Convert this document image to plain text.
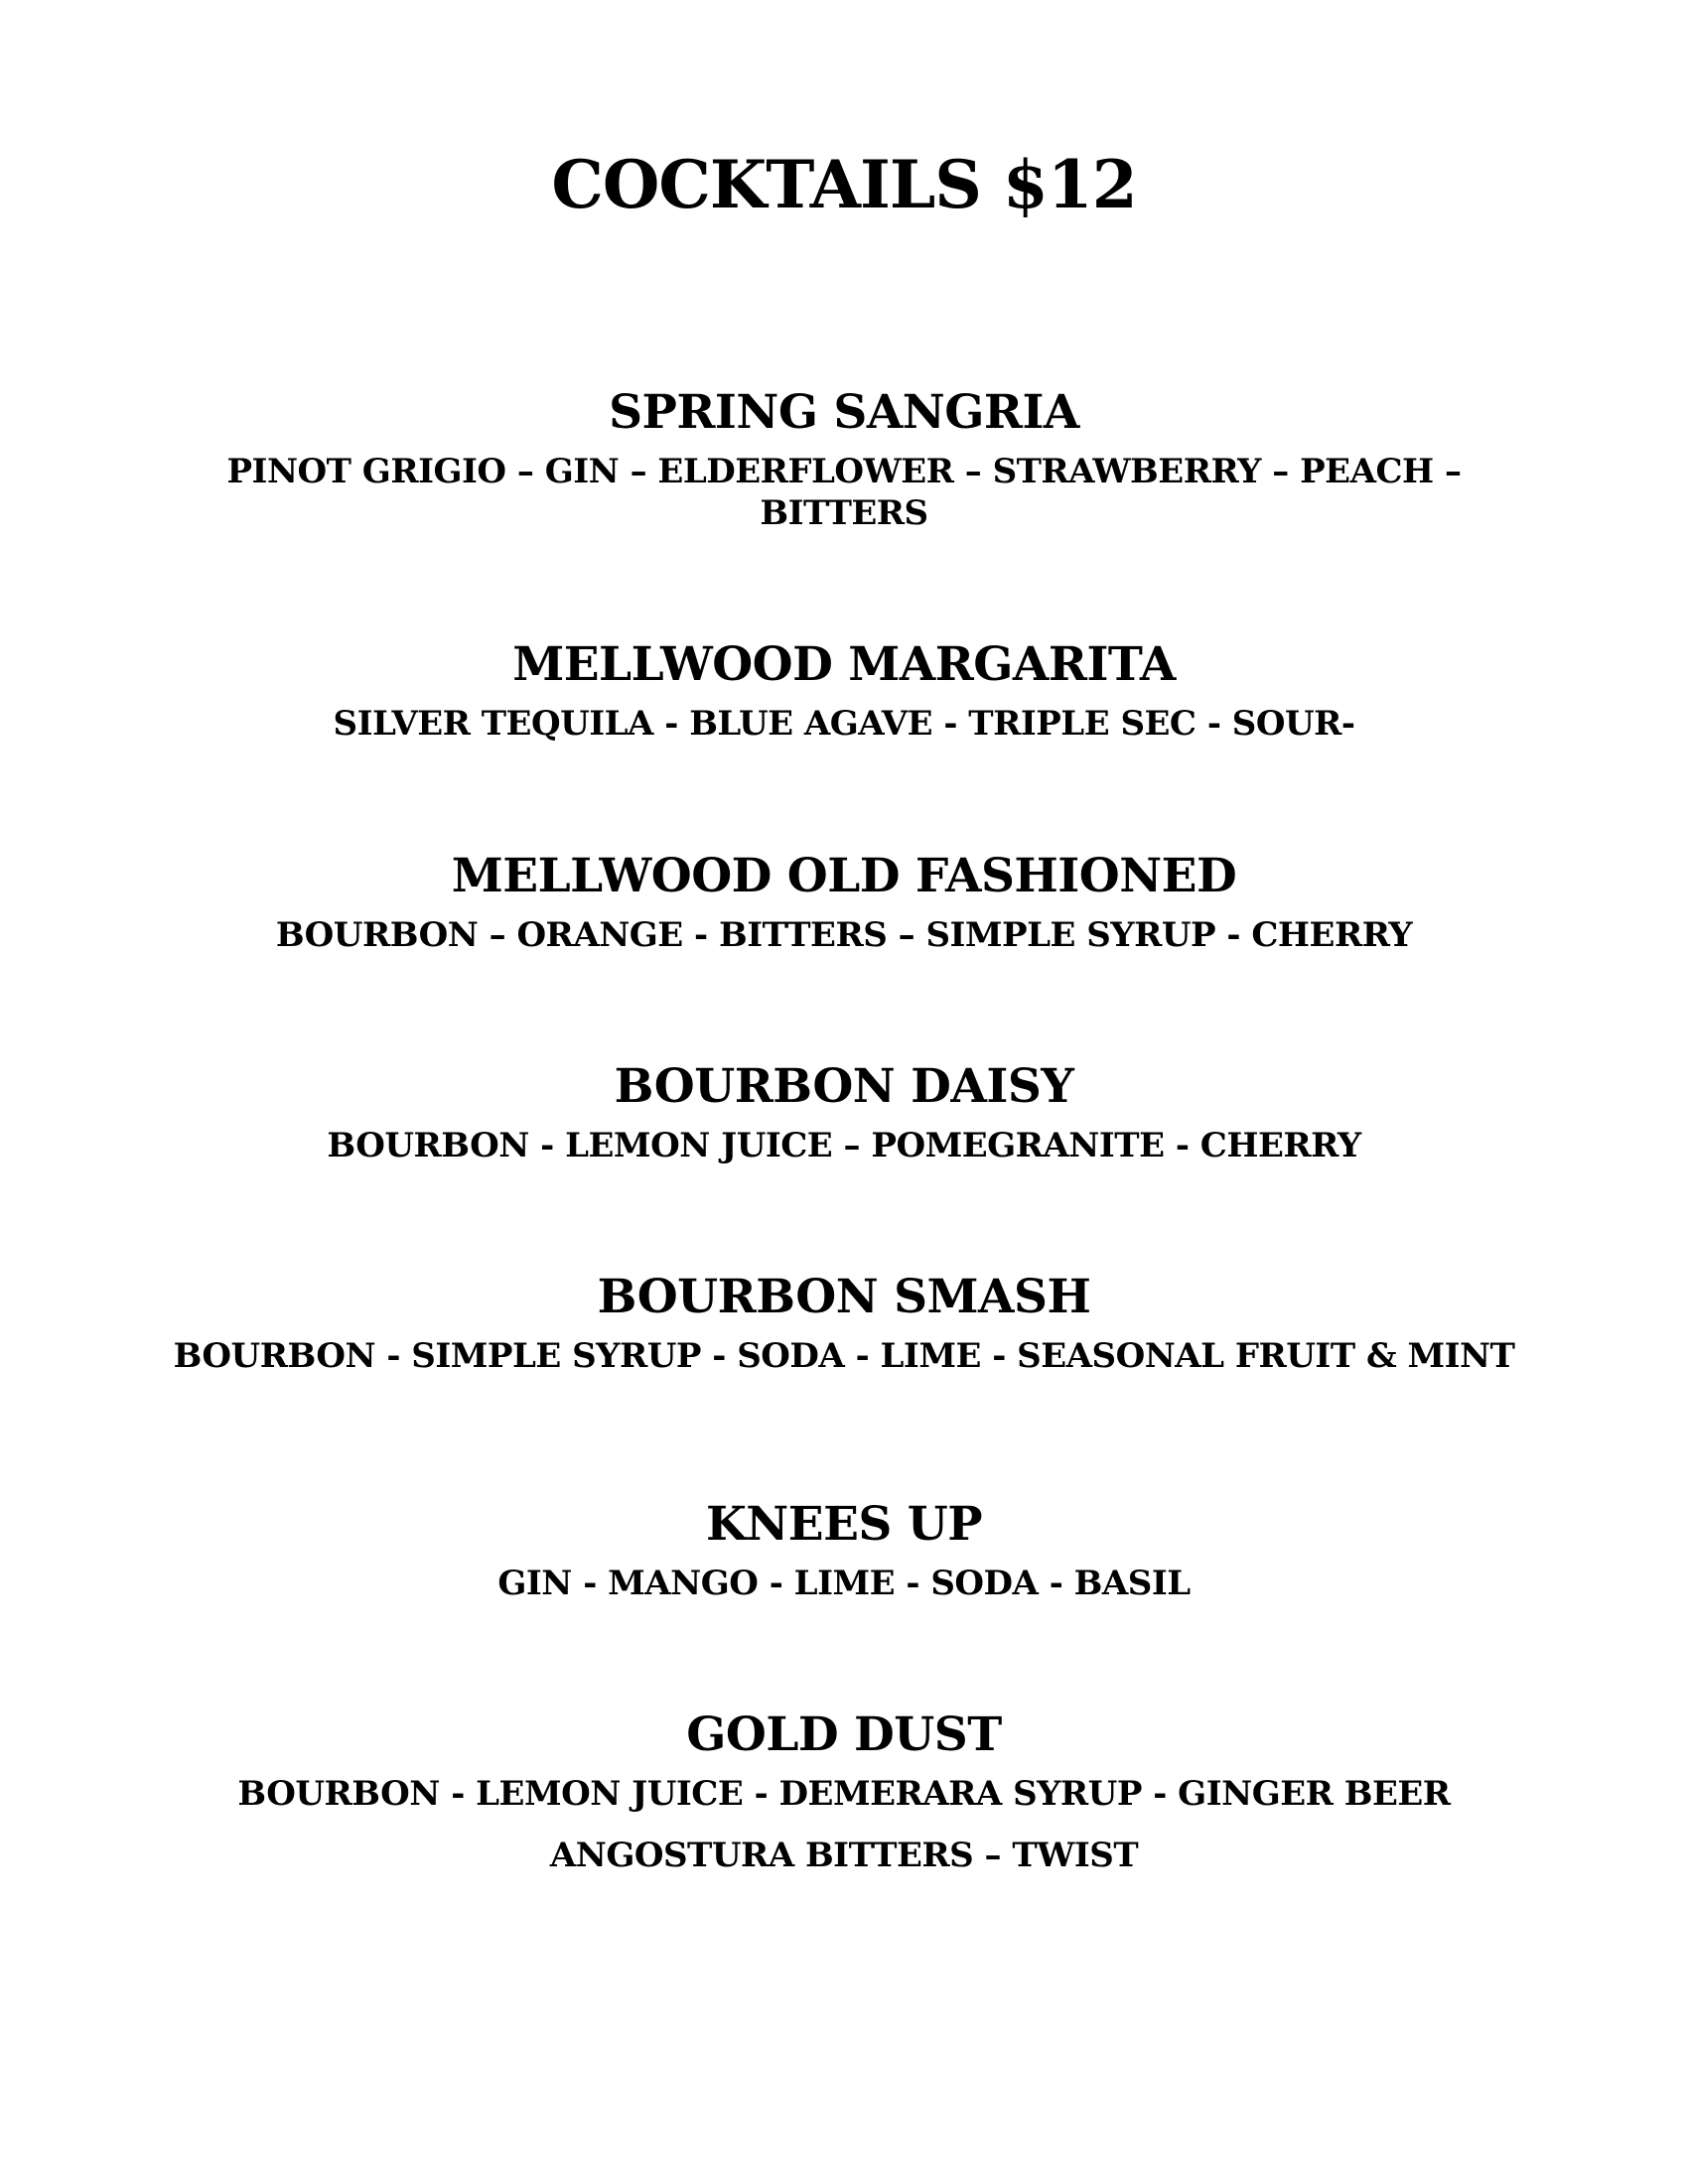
COCKTAILS $12
SPRING SANGRIA
PINOT GRIGIO – GIN – ELDERFLOWER – STRAWBERRY – PEACH – BITTERS
MELLWOOD MARGARITA
SILVER TEQUILA - BLUE AGAVE - TRIPLE SEC - SOUR-
MELLWOOD OLD FASHIONED
BOURBON – ORANGE - BITTERS – SIMPLE SYRUP - CHERRY
BOURBON DAISY
BOURBON - LEMON JUICE – POMEGRANITE - CHERRY
BOURBON SMASH
BOURBON - SIMPLE SYRUP - SODA - LIME - SEASONAL FRUIT & MINT
KNEES UP
GIN - MANGO - LIME - SODA - BASIL
GOLD DUST
BOURBON - LEMON JUICE - DEMERARA SYRUP - GINGER BEER
ANGOSTURA BITTERS – TWIST
